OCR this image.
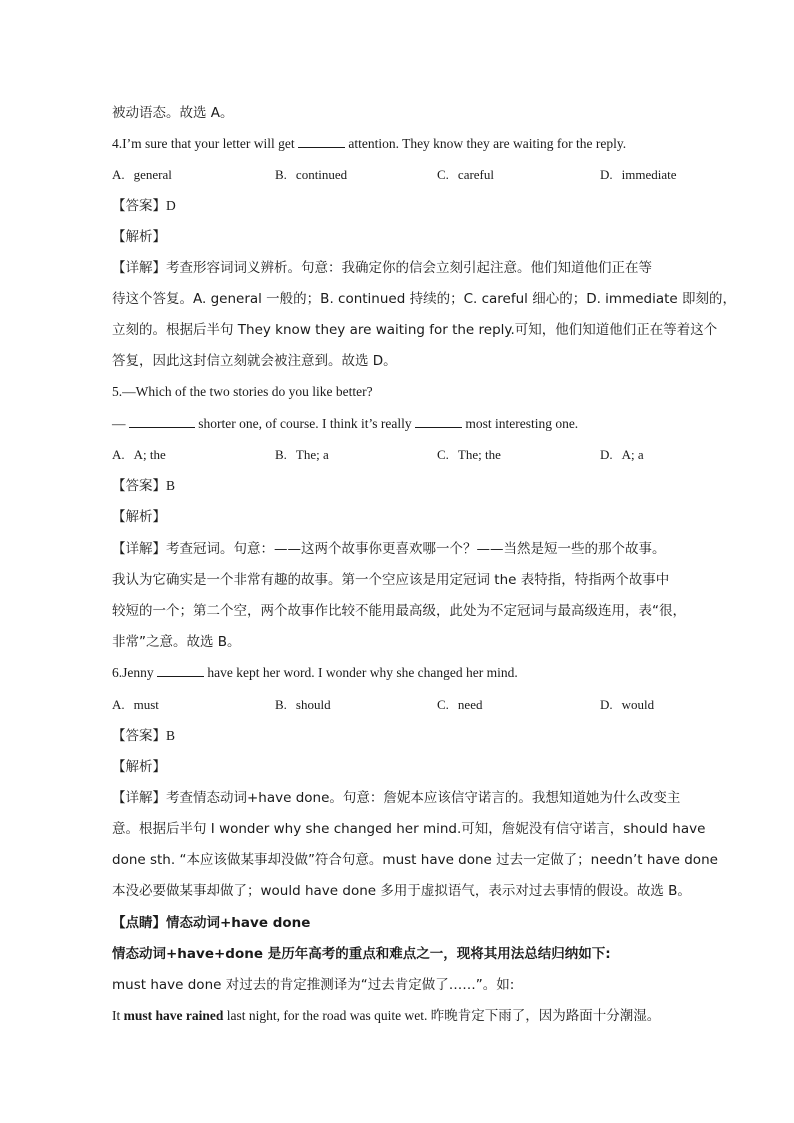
被动语态。故选 A。
4.I’m sure that your letter will get	attention. They know they are waiting for the reply.
A. general	B. continued	C. careful	D. immediate
【答案】D
【解析】
【详解】考查形容词词义辨析。句意：我确定你的信会立刻引起注意。他们知道他们正在等
待这个答复。A. general 一般的；B. continued 持续的；C. careful 细心的；D. immediate 即刻的，
立刻的。根据后半句 They know they are waiting for the reply.可知，他们知道他们正在等着这个
答复，因此这封信立刻就会被注意到。故选 D。
5.—Which of the two stories do you like better?
—	shorter one, of course. I think it’s really	most interesting one.
A. A; the	B. The; a	C. The; the	D. A; a
【答案】B
【解析】
【详解】考查冠词。句意：——这两个故事你更喜欢哪一个？——当然是短一些的那个故事。
我认为它确实是一个非常有趣的故事。第一个空应该是用定冠词 the 表特指，特指两个故事中
较短的一个；第二个空，两个故事作比较不能用最高级，此处为不定冠词与最高级连用，表“很，
非常”之意。故选 B。
6.Jenny	have kept her word. I wonder why she changed her mind.
A. must	B. should	C. need	D. would
【答案】B
【解析】
【详解】考查情态动词+have done。句意：詹妮本应该信守诺言的。我想知道她为什么改变主
意。根据后半句 I wonder why she changed her mind.可知，詹妮没有信守诺言，should have
done sth. “本应该做某事却没做”符合句意。must have done 过去一定做了；needn’t have done
本没必要做某事却做了；would have done 多用于虚拟语气，表示对过去事情的假设。故选 B。
【点睛】情态动词+have done
情态动词+have+done 是历年高考的重点和难点之一，现将其用法总结归纳如下:
must have done 对过去的肯定推测译为“过去肯定做了……”。如:
It must have rained last night, for the road was quite wet. 昨晚肯定下雨了，因为路面十分潮湿。
